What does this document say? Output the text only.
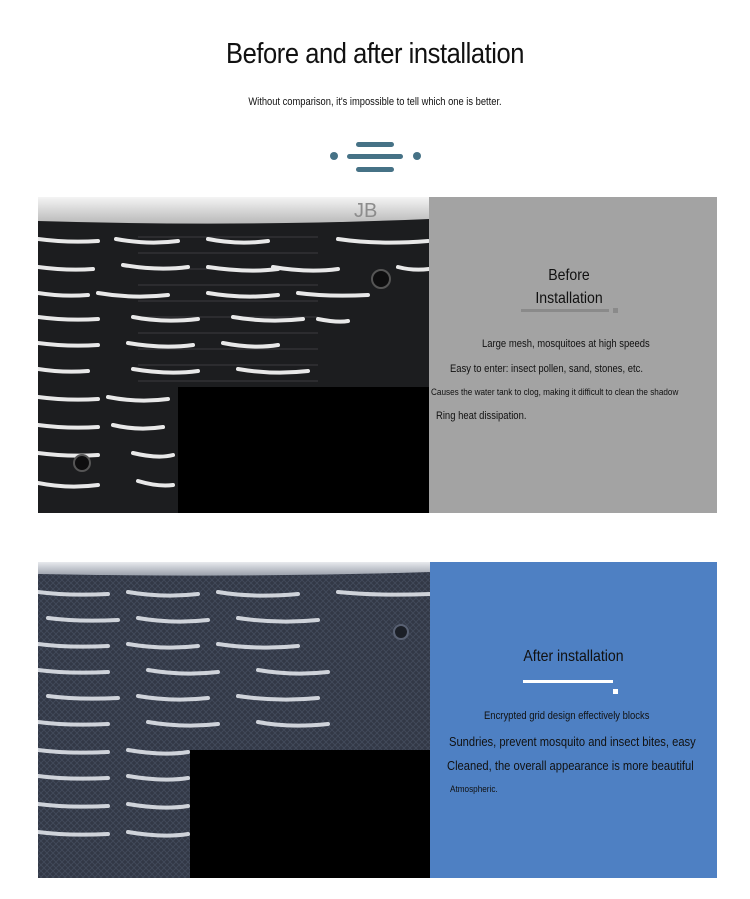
Before and after installation
Without comparison, it's impossible to tell which one is better.
JB
Before
Installation
Large mesh, mosquitoes at high speeds
Easy to enter: insect pollen, sand, stones, etc.
Causes the water tank to clog, making it difficult to clean the shadow
Ring heat dissipation.
After installation
Encrypted grid design effectively blocks
Sundries, prevent mosquito and insect bites, easy
Cleaned, the overall appearance is more beautiful
Atmospheric.
